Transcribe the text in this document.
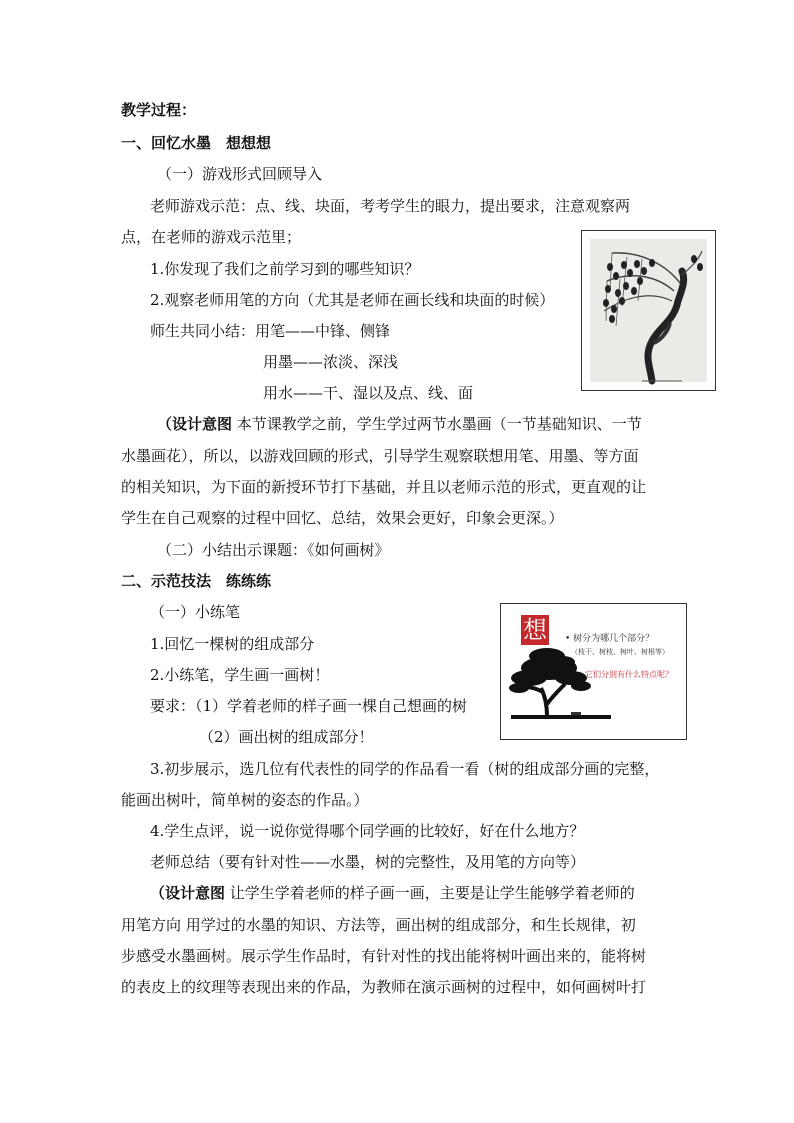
教学过程：
一、回忆水墨　想想想
（一）游戏形式回顾导入
老师游戏示范：点、线、块面，考考学生的眼力，提出要求，注意观察两
点，在老师的游戏示范里；
1.你发现了我们之前学习到的哪些知识？
2.观察老师用笔的方向（尤其是老师在画长线和块面的时候）
师生共同小结：用笔——中锋、侧锋
用墨——浓淡、深浅
用水——干、湿以及点、线、面
（设计意图 本节课教学之前，学生学过两节水墨画（一节基础知识、一节
水墨画花），所以，以游戏回顾的形式，引导学生观察联想用笔、用墨、等方面
的相关知识，为下面的新授环节打下基础，并且以老师示范的形式，更直观的让
学生在自己观察的过程中回忆、总结，效果会更好，印象会更深。）
（二）小结出示课题：《如何画树》
二、示范技法　练练练
（一）小练笔
1.回忆一棵树的组成部分
2.小练笔，学生画一画树！
要求：（1）学着老师的样子画一棵自己想画的树
（2）画出树的组成部分！
3.初步展示，选几位有代表性的同学的作品看一看（树的组成部分画的完整，
能画出树叶，简单树的姿态的作品。）
4.学生点评，说一说你觉得哪个同学画的比较好，好在什么地方？
老师总结（要有针对性——水墨，树的完整性，及用笔的方向等）
（设计意图 让学生学着老师的样子画一画，主要是让学生能够学着老师的
用笔方向 用学过的水墨的知识、方法等，画出树的组成部分，和生长规律，初
步感受水墨画树。展示学生作品时，有针对性的找出能将树叶画出来的，能将树
的表皮上的纹理等表现出来的作品，为教师在演示画树的过程中，如何画树叶打
想 • 树分为哪几个部分？
（枝干、树枝、树叶、树根等）
它们分别有什么特点呢？
